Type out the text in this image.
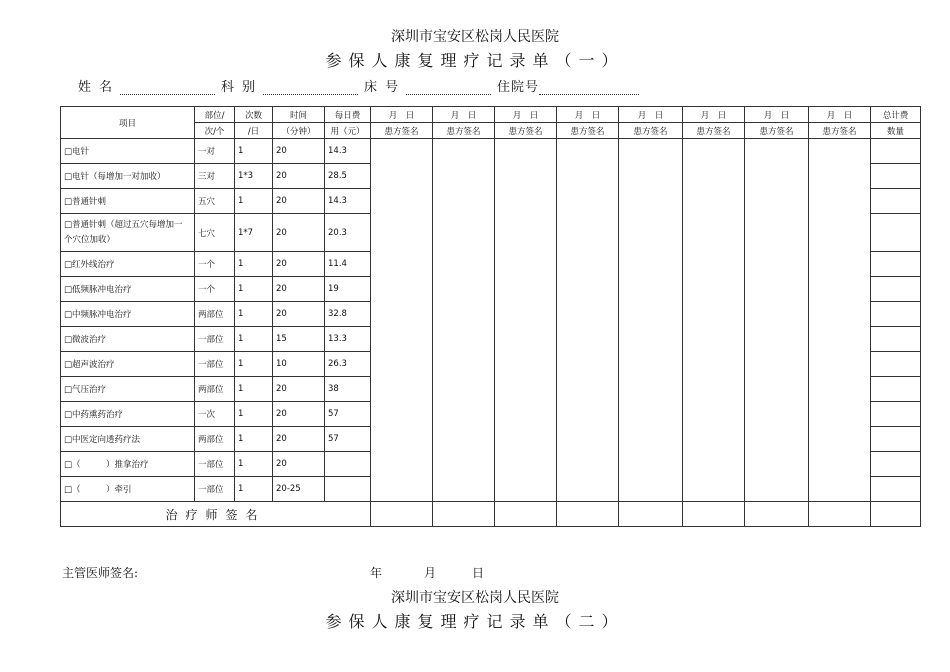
深圳市宝安区松岗人民医院
参保人康复理疗记录单（一）
姓名	科别	床号	住院号
项目	部位/	次数	时间	每日费	月　日	月　日	月　日	月　日	月　日	月　日	月　日	月　日	总计费
	次/个	/日	（分钟）	用（元）	患方签名	患方签名	患方签名	患方签名	患方签名	患方签名	患方签名	患方签名	数量
□电针	一对	1	20	14.3									
□电针（每增加一对加收）	三对	1*3	20	28.5									
□普通针刺	五穴	1	20	14.3									
□普通针刺（超过五穴每增加一个穴位加收）	七穴	1*7	20	20.3									
□红外线治疗	一个	1	20	11.4									
□低频脉冲电治疗	一个	1	20	19									
□中频脉冲电治疗	两部位	1	20	32.8									
□微波治疗	一部位	1	15	13.3									
□超声波治疗	一部位	1	10	26.3									
□气压治疗	两部位	1	20	38									
□中药熏药治疗	一次	1	20	57									
□中医定向透药疗法	两部位	1	20	57									
□（　　　）推拿治疗	一部位	1	20										
□（　　　）牵引	一部位	1	20-25										
治疗师签名													
主管医师签名:	年	月	日
深圳市宝安区松岗人民医院
参保人康复理疗记录单（二）
